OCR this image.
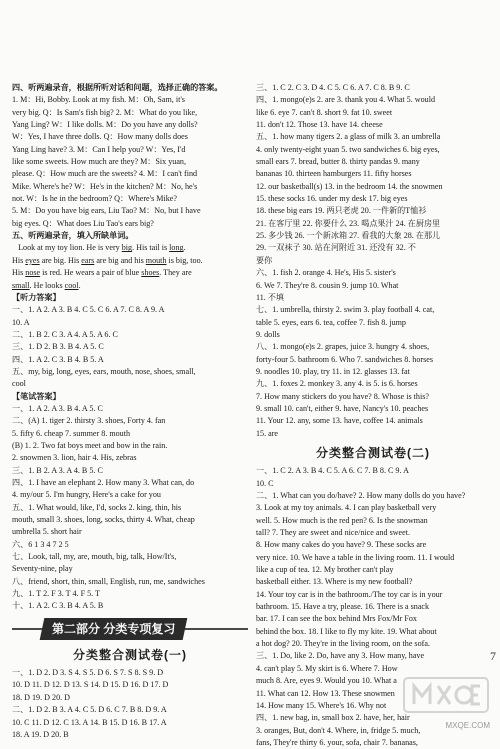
四、听两遍录音，根据所听对话和问题，选择正确的答案。
1. M：Hi, Bobby. Look at my fish. M：Oh, Sam, it's
very big. Q：Is Sam's fish big? 2. M：What do you like,
Yang Ling? W：I like dolls. M：Do you have any dolls?
W：Yes, I have three dolls. Q：How many dolls does
Yang Ling have? 3. M：Can I help you? W：Yes, I'd
like some sweets. How much are they? M：Six yuan,
please. Q：How much are the sweets? 4. M：I can't find
Mike. Where's he? W：He's in the kitchen? M：No, he's
not. W：Is he in the bedroom? Q：Where's Mike?
5. M：Do you have big ears, Liu Tao? M：No, but I have
big eyes. Q：What does Liu Tao's ears big?
五、听两遍录音，填入所缺单词。
Look at my toy lion. He is very big. His tail is long.
His eyes are big. His ears are big and his mouth is big, too.
His nose is red. He wears a pair of blue shoes. They are
small. He looks cool.
【听力答案】
一、1. A 2. A 3. B 4. C 5. C 6. A 7. C 8. A 9. A
10. A
二、1. B 2. C 3. A 4. A 5. A 6. C
三、1. D 2. B 3. B 4. A 5. C
四、1. A 2. C 3. B 4. B 5. A
五、my, big, long, eyes, ears, mouth, nose, shoes, small,
cool
【笔试答案】
一、1. A 2. A 3. B 4. A 5. C
二、(A) 1. tiger 2. thirsty 3. shoes, Forty 4. fan
5. fifty 6. cheap 7. summer 8. mouth
(B) 1. 2. Two fat boys meet and bow in the rain.
2. snowmen 3. lion, hair 4. His, zebras
三、1. B 2. A 3. A 4. B 5. C
四、1. I have an elephant 2. How many 3. What can, do
4. my/our 5. I'm hungry, Here's a cake for you
五、1. What would, like, I'd, socks 2. king, thin, his
mouth, small 3. shoes, long, socks, thirty 4. What, cheap
umbrella 5. short hair
六、6 1 3 4 7 2 5
七、Look, tall, my, are, mouth, big, talk, How/It's,
Seventy-nine, play
八、friend, short, thin, small, English, run, me, sandwiches
九、1. T 2. F 3. T 4. F 5. T
十、1. A 2. C 3. B 4. A 5. B
第二部分 分类专项复习
分类整合测试卷(一)
一、1. D 2. D 3. S 4. S 5. D 6. S 7. S 8. S 9. D
10. D 11. D 12. D 13. S 14. D 15. D 16. D 17. D
18. D 19. D 20. D
二、1. D 2. B 3. A 4. C 5. D 6. C 7. B 8. D 9. A
10. C 11. D 12. C 13. A 14. B 15. D 16. B 17. A
18. A 19. D 20. B
三、1. C 2. C 3. D 4. C 5. C 6. A 7. C 8. B 9. C
四、1. mongo(e)s 2. are 3. thank you 4. What 5. would
like 6. eye 7. can't 8. short 9. fat 10. sweet
11. don't 12. Those 13. have 14. cheese
五、1. how many tigers 2. a glass of milk 3. an umbrella
4. only twenty-eight yuan 5. two sandwiches 6. big eyes,
small ears 7. bread, butter 8. thirty pandas 9. many
bananas 10. thirteen hamburgers 11. fifty horses
12. our basketball(s) 13. in the bedroom 14. the snowmen
15. these socks 16. under my desk 17. big eyes
18. these big ears 19. 两只老虎 20. 一件新的T恤衫
21. 在客厅里 22. 你要什么 23. 喝点果汁 24. 在厨房里
25. 多少钱 26. 一个新冰箱 27. 看我的大象 28. 在那儿
29. 一双袜子 30. 站在河附近 31. 还没有 32. 不
要你
六、1. fish 2. orange 4. He's, His 5. sister's
6. We 7. They're 8. cousin 9. jump 10. What
11. 不填
七、1. umbrella, thirsty 2. swim 3. play football 4. cat,
table 5. eyes, ears 6. tea, coffee 7. fish 8. jump
9. dolls
八、1. mongo(e)s 2. grapes, juice 3. hungry 4. shoes,
forty-four 5. bathroom 6. Who 7. sandwiches 8. horses
9. noodles 10. play, try 11. in 12. glasses 13. fat
九、1. foxes 2. monkey 3. any 4. is 5. is 6. horses
7. How many stickers do you have? 8. Whose is this?
9. small 10. can't, either 9. have, Nancy's 10. peaches
11. Your 12. any, some 13. have, coffee 14. animals
15. are
分类整合测试卷(二)
一、1. C 2. A 3. B 4. C 5. A 6. C 7. B 8. C 9. A
10. C
二、1. What can you do/have? 2. How many dolls do you have?
3. Look at my toy animals. 4. I can play basketball very
well. 5. How much is the red pen? 6. Is the snowman
tall? 7. They are sweet and nice/nice and sweet.
8. How many cakes do you have? 9. These socks are
very nice. 10. We have a table in the living room. 11. I would
like a cup of tea. 12. My brother can't play
basketball either. 13. Where is my new football?
14. Your toy car is in the bathroom./The toy car is in your
bathroom. 15. Have a try, please. 16. There is a snack
bar. 17. I can see the box behind Mrs Fox/Mr Fox
behind the box. 18. I like to fly my kite. 19. What about
a hot dog? 20. They're in the living room, on the sofa.
三、1. Do, like 2. Do, have any 3. How many, have
4. can't play 5. My skirt is 6. Where 7. How
much 8. Are, eyes 9. Would you 10. What a
11. What can 12. How 13. These snowmen
14. How many 15. Where's 16. Why not
四、1. new bag, in, small box 2. have, her, hair
3. oranges, But, don't 4. Where, in, fridge 5. much,
fans, They're thirty 6. your, sofa, chair 7. bananas,
7
MXQE.COM
